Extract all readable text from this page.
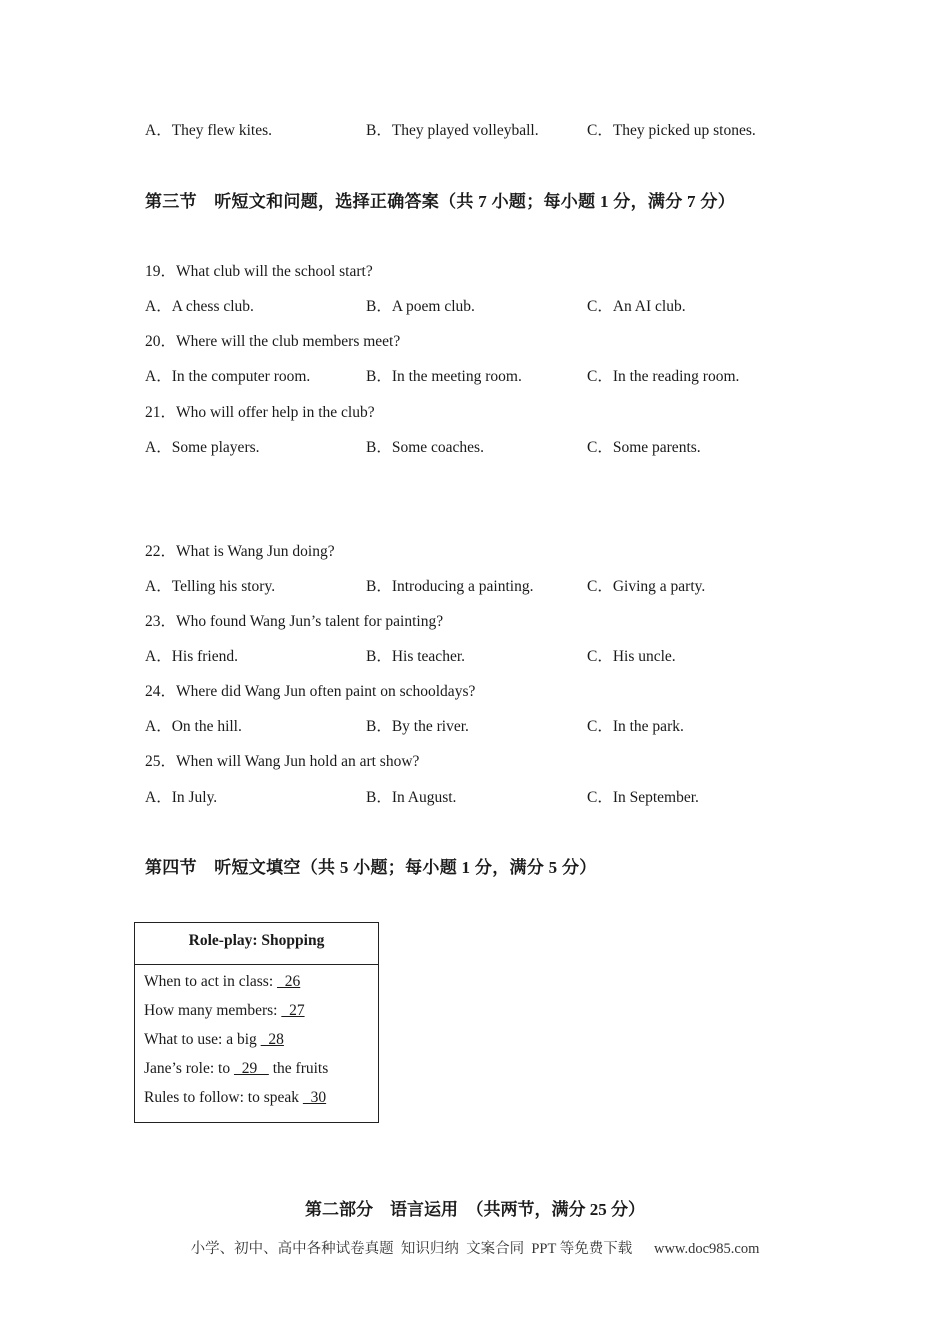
A．They flew kites.	B．They played volleyball.	C．They picked up stones.
第三节　听短文和问题，选择正确答案（共 7 小题；每小题 1 分，满分 7 分）
19．What club will the school start?
A．A chess club.	B．A poem club.	C．An AI club.
20．Where will the club members meet?
A．In the computer room.	B．In the meeting room.	C．In the reading room.
21．Who will offer help in the club?
A．Some players.	B．Some coaches.	C．Some parents.
22．What is Wang Jun doing?
A．Telling his story.	B．Introducing a painting.	C．Giving a party.
23．Who found Wang Jun’s talent for painting?
A．His friend.	B．His teacher.	C．His uncle.
24．Where did Wang Jun often paint on schooldays?
A．On the hill.	B．By the river.	C．In the park.
25．When will Wang Jun hold an art show?
A．In July.	B．In August.	C．In September.
第四节　听短文填空（共 5 小题；每小题 1 分，满分 5 分）
Role-play: Shopping
When to act in class:   26
How many members:   27
What to use: a big   28
Jane’s role: to   29    the fruits
Rules to follow: to speak   30
第二部分　语言运用　（共两节，满分 25 分）
小学、初中、高中各种试卷真题  知识归纳  文案合同  PPT 等免费下载      www.doc985.com
